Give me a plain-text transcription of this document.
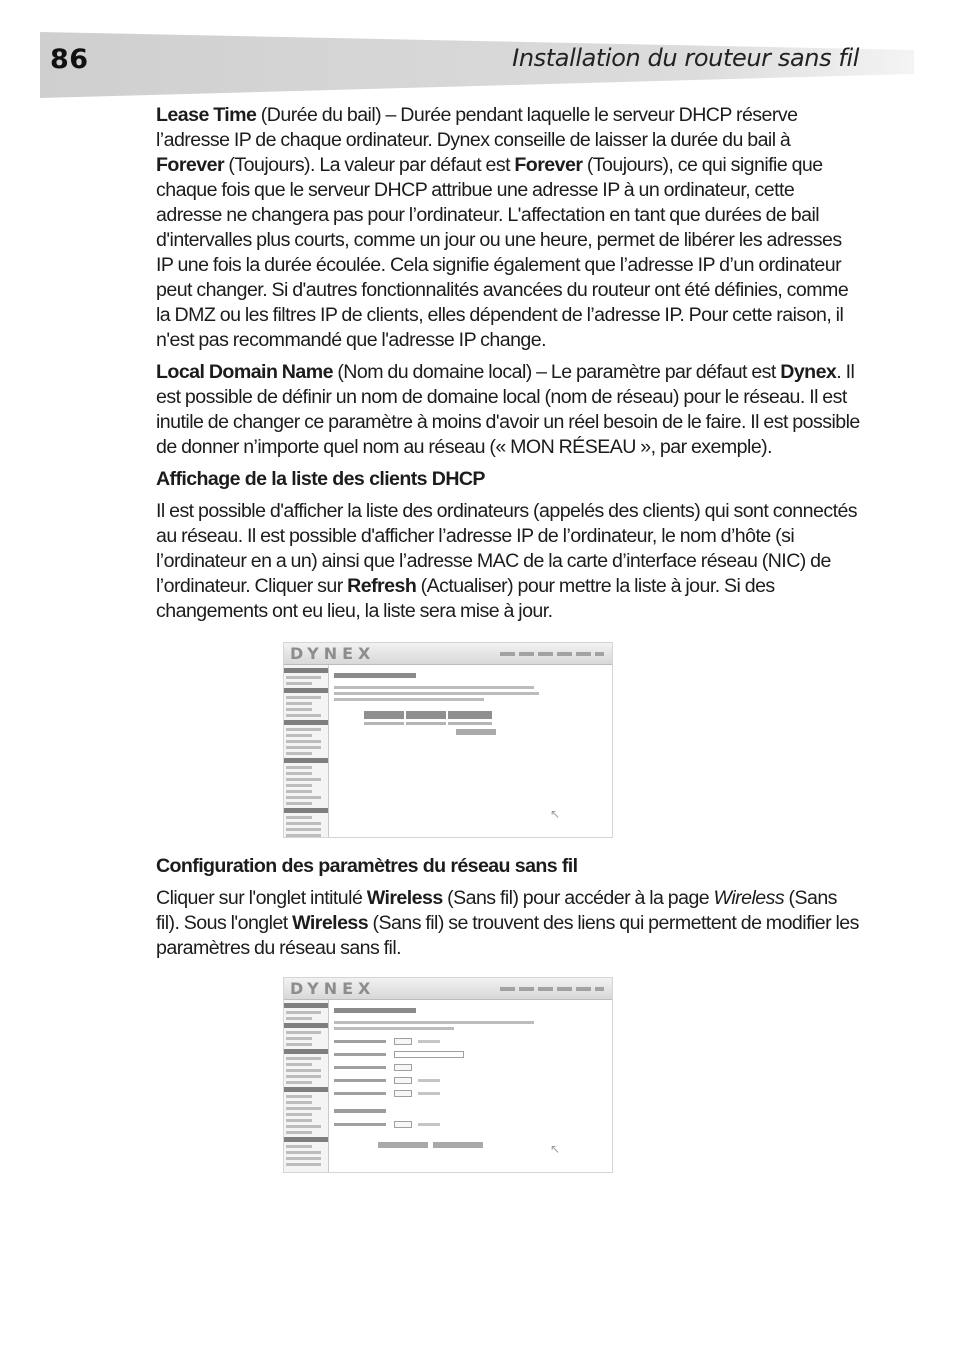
86	Installation du routeur sans fil

Lease Time (Durée du bail) – Durée pendant laquelle le serveur DHCP réserve l’adresse IP de chaque ordinateur. Dynex conseille de laisser la durée du bail à Forever (Toujours). La valeur par défaut est Forever (Toujours), ce qui signifie que chaque fois que le serveur DHCP attribue une adresse IP à un ordinateur, cette adresse ne changera pas pour l’ordinateur. L'affectation en tant que durées de bail d'intervalles plus courts, comme un jour ou une heure, permet de libérer les adresses IP une fois la durée écoulée. Cela signifie également que l’adresse IP d’un ordinateur peut changer. Si d'autres fonctionnalités avancées du routeur ont été définies, comme la DMZ ou les filtres IP de clients, elles dépendent de l’adresse IP. Pour cette raison, il n'est pas recommandé que l'adresse IP change.

Local Domain Name (Nom du domaine local) – Le paramètre par défaut est Dynex. Il est possible de définir un nom de domaine local (nom de réseau) pour le réseau. Il est inutile de changer ce paramètre à moins d'avoir un réel besoin de le faire. Il est possible de donner n’importe quel nom au réseau (« MON RÉSEAU », par exemple).

Affichage de la liste des clients DHCP

Il est possible d'afficher la liste des ordinateurs (appelés des clients) qui sont connectés au réseau. Il est possible d'afficher l’adresse IP de l’ordinateur, le nom d’hôte (si l’ordinateur en a un) ainsi que l’adresse MAC de la carte d’interface réseau (NIC) de l’ordinateur. Cliquer sur Refresh (Actualiser) pour mettre la liste à jour. Si des changements ont eu lieu, la liste sera mise à jour.

DYNEX
↖
Configuration des paramètres du réseau sans fil

Cliquer sur l'onglet intitulé Wireless (Sans fil) pour accéder à la page Wireless (Sans fil). Sous l'onglet Wireless (Sans fil) se trouvent des liens qui permettent de modifier les paramètres du réseau sans fil.

DYNEX
↖
